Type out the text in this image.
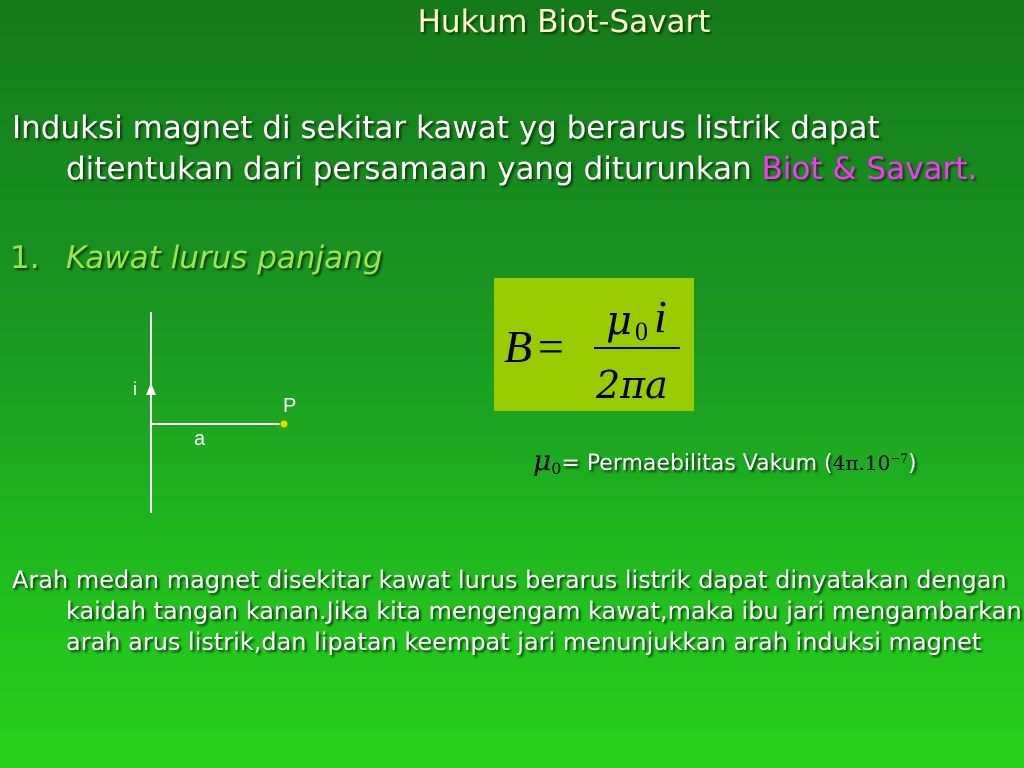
Hukum Biot-Savart
Induksi magnet di sekitar kawat yg berarus listrik dapat ditentukan dari persamaan yang diturunkan Biot & Savart.
1. Kawat lurus panjang
i
P
a
B = μ 0 i
2πa
μ0= Permaebilitas Vakum $(4\pi.10^{-7})$
Arah medan magnet disekitar kawat lurus berarus listrik dapat dinyatakan dengan kaidah tangan kanan.Jika kita mengengam kawat,maka ibu jari mengambarkan arah arus listrik,dan lipatan keempat jari menunjukkan arah induksi magnet
